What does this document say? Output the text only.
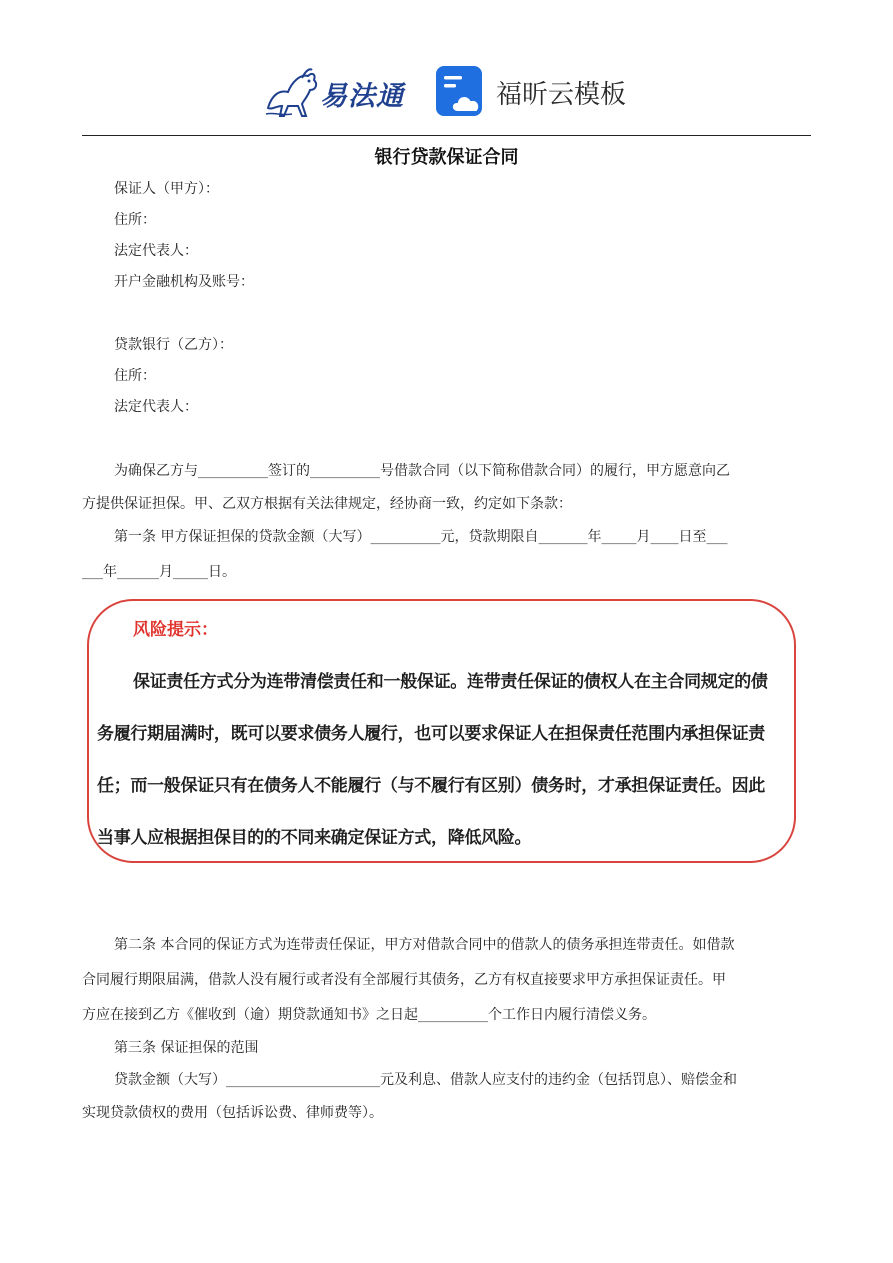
易法通	福昕云模板
银行贷款保证合同
保证人（甲方）：
住所：
法定代表人：
开户金融机构及账号：
贷款银行（乙方）：
住所：
法定代表人：
为确保乙方与__________签订的__________号借款合同（以下简称借款合同）的履行，甲方愿意向乙
方提供保证担保。甲、乙双方根据有关法律规定，经协商一致，约定如下条款：
第一条 甲方保证担保的贷款金额（大写）__________元，贷款期限自_______年_____月____日至___
___年______月_____日。
风险提示：
保证责任方式分为连带清偿责任和一般保证。连带责任保证的债权人在主合同规定的债
务履行期届满时，既可以要求债务人履行，也可以要求保证人在担保责任范围内承担保证责
任；而一般保证只有在债务人不能履行（与不履行有区别）债务时，才承担保证责任。因此
当事人应根据担保目的的不同来确定保证方式，降低风险。
第二条 本合同的保证方式为连带责任保证，甲方对借款合同中的借款人的债务承担连带责任。如借款
合同履行期限届满，借款人没有履行或者没有全部履行其债务，乙方有权直接要求甲方承担保证责任。甲
方应在接到乙方《催收到（逾）期贷款通知书》之日起__________个工作日内履行清偿义务。
第三条 保证担保的范围
贷款金额（大写）______________________元及利息、借款人应支付的违约金（包括罚息）、赔偿金和
实现贷款债权的费用（包括诉讼费、律师费等）。
